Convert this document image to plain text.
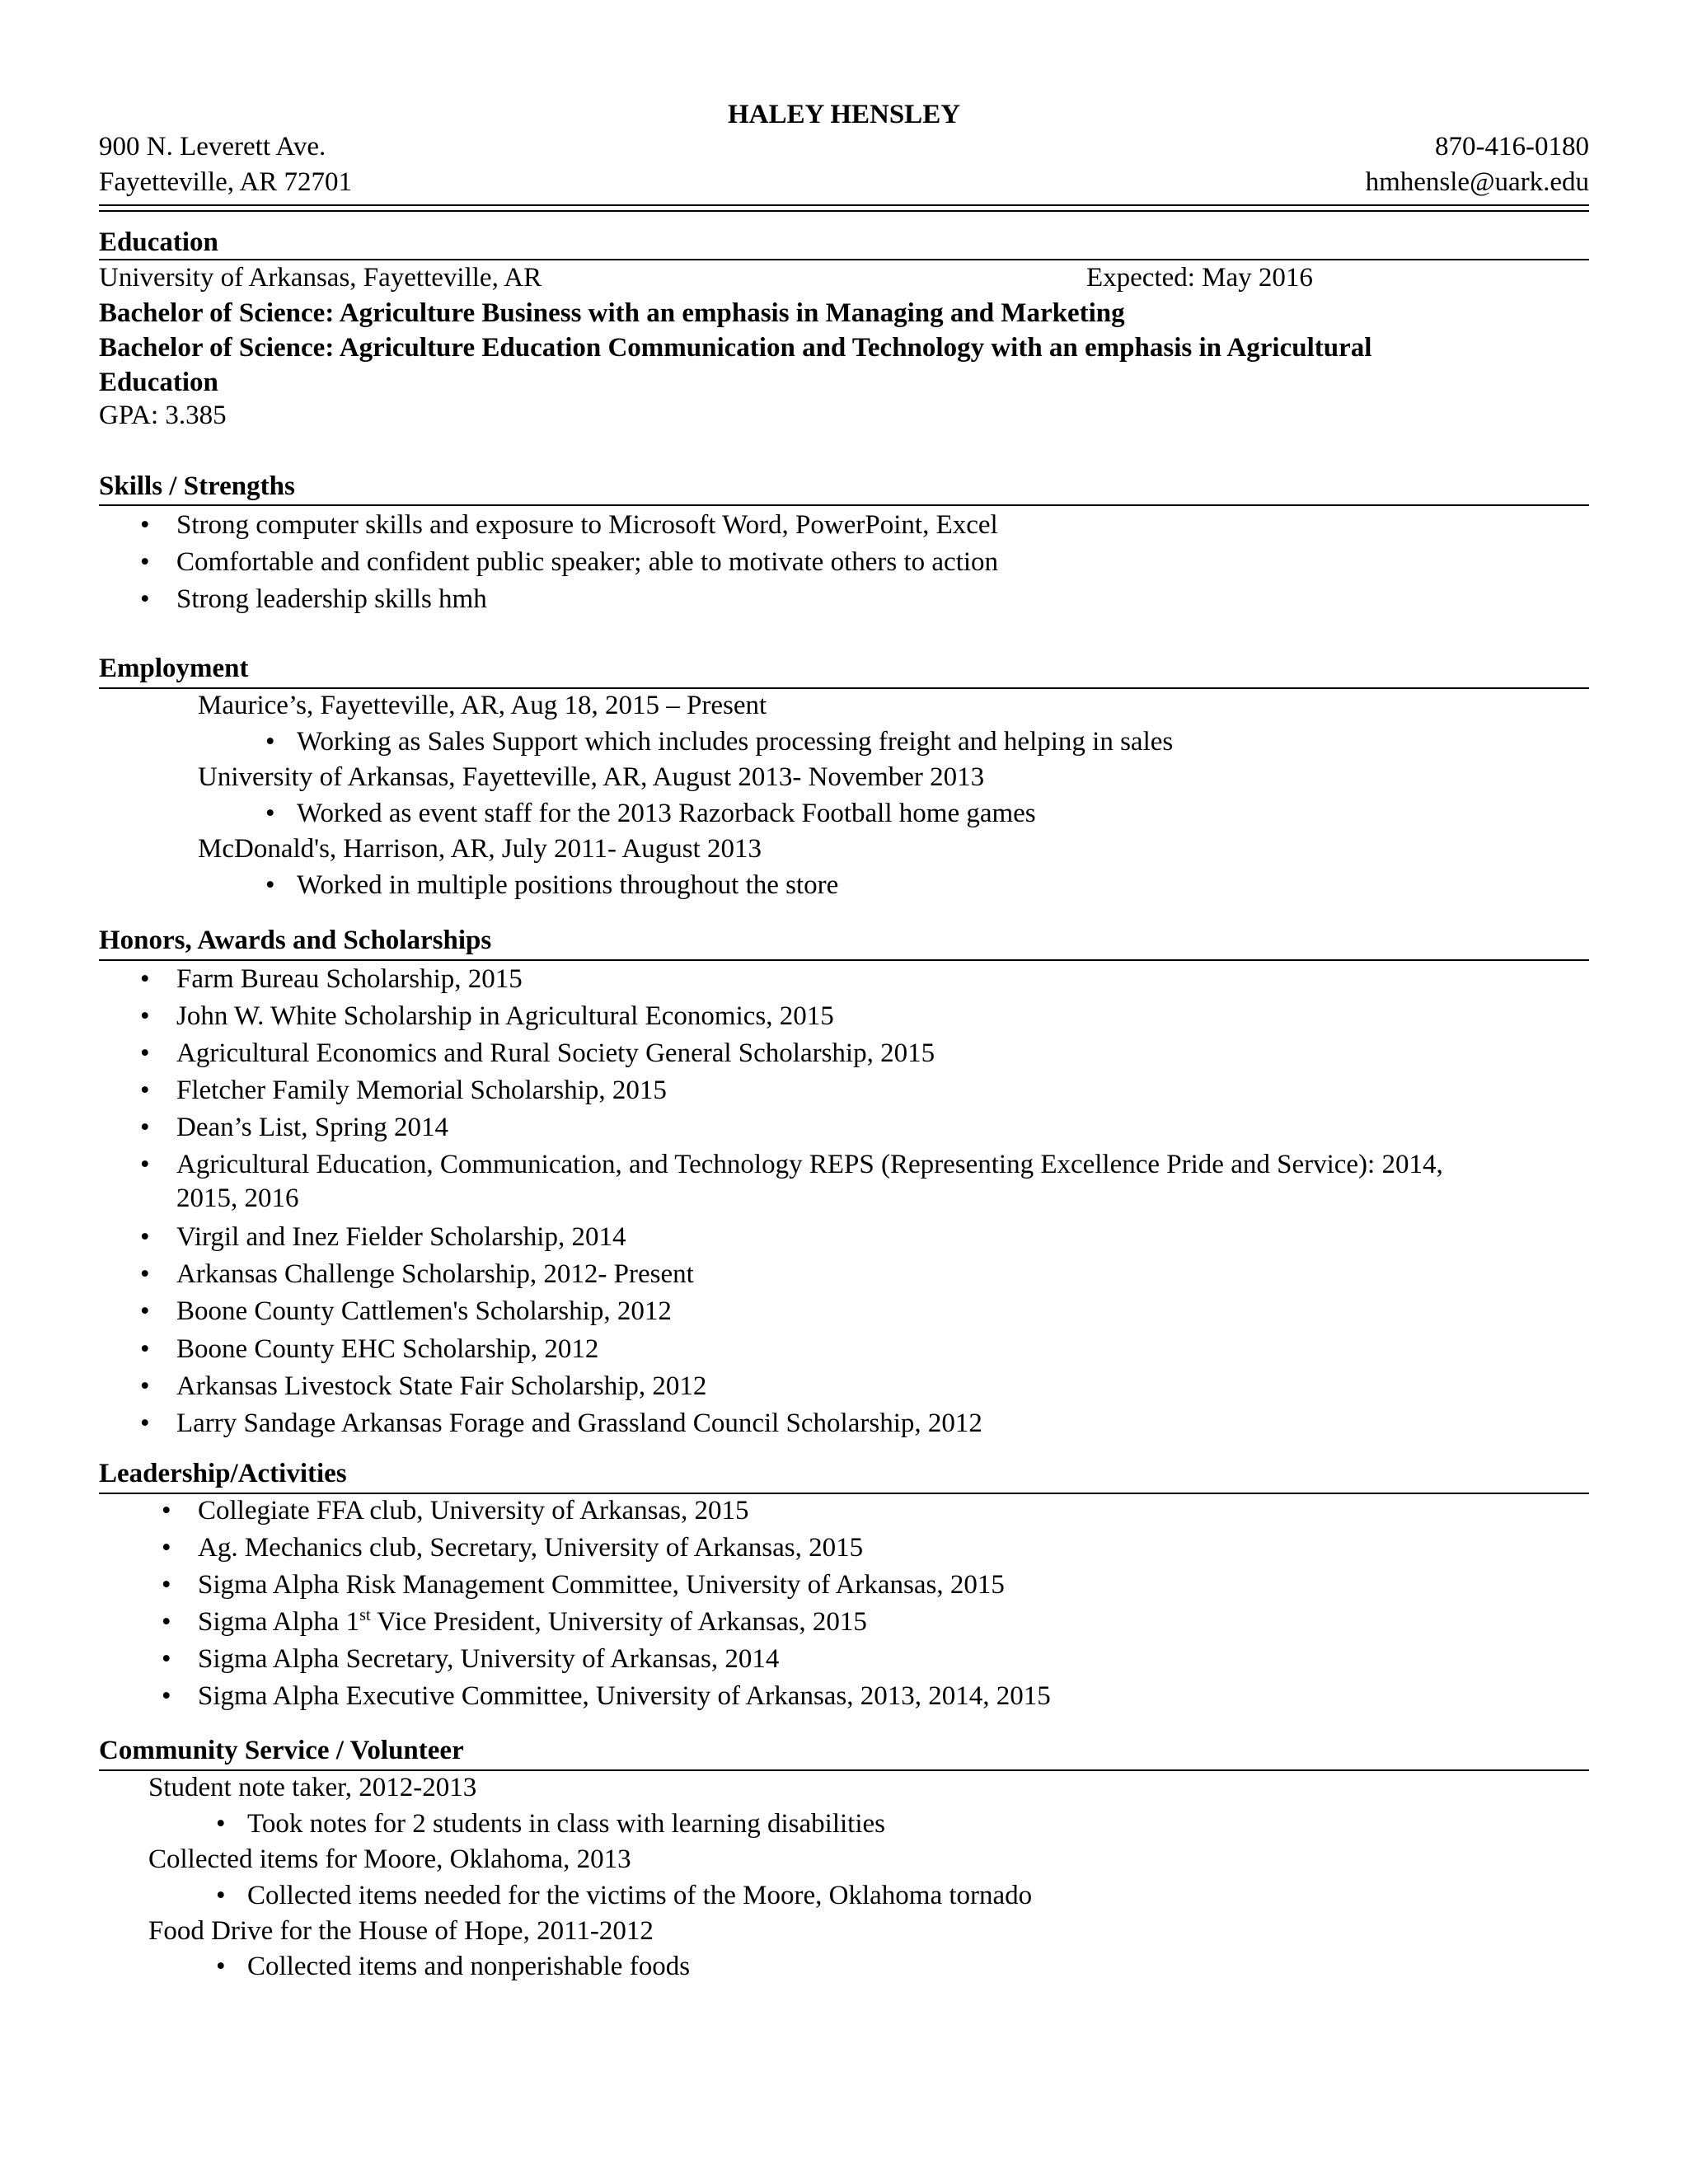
HALEY HENSLEY
900 N. Leverett Ave.	870-416-0180
Fayetteville, AR 72701	hmhensle@uark.edu
Education
University of Arkansas, Fayetteville, AR	Expected: May 2016
Bachelor of Science: Agriculture Business with an emphasis in Managing and Marketing
Bachelor of Science: Agriculture Education Communication and Technology with an emphasis in Agricultural
Education
GPA: 3.385
Skills / Strengths
•
Strong computer skills and exposure to Microsoft Word, PowerPoint, Excel
•
Comfortable and confident public speaker; able to motivate others to action
•
Strong leadership skills hmh
Employment
Maurice’s, Fayetteville, AR, Aug 18, 2015 – Present
•
Working as Sales Support which includes processing freight and helping in sales
University of Arkansas, Fayetteville, AR, August 2013- November 2013
•
Worked as event staff for the 2013 Razorback Football home games
McDonald's, Harrison, AR, July 2011- August 2013
•
Worked in multiple positions throughout the store
Honors, Awards and Scholarships
•
Farm Bureau Scholarship, 2015
•
John W. White Scholarship in Agricultural Economics, 2015
•
Agricultural Economics and Rural Society General Scholarship, 2015
•
Fletcher Family Memorial Scholarship, 2015
•
Dean’s List, Spring 2014
•
Agricultural Education, Communication, and Technology REPS (Representing Excellence Pride and Service): 2014,
2015, 2016
•
Virgil and Inez Fielder Scholarship, 2014
•
Arkansas Challenge Scholarship, 2012- Present
•
Boone County Cattlemen's Scholarship, 2012
•
Boone County EHC Scholarship, 2012
•
Arkansas Livestock State Fair Scholarship, 2012
•
Larry Sandage Arkansas Forage and Grassland Council Scholarship, 2012
Leadership/Activities
•
Collegiate FFA club, University of Arkansas, 2015
•
Ag. Mechanics club, Secretary, University of Arkansas, 2015
•
Sigma Alpha Risk Management Committee, University of Arkansas, 2015
•
Sigma Alpha 1st Vice President, University of Arkansas, 2015
•
Sigma Alpha Secretary, University of Arkansas, 2014
•
Sigma Alpha Executive Committee, University of Arkansas, 2013, 2014, 2015
Community Service / Volunteer
Student note taker, 2012-2013
•
Took notes for 2 students in class with learning disabilities
Collected items for Moore, Oklahoma, 2013
•
Collected items needed for the victims of the Moore, Oklahoma tornado
Food Drive for the House of Hope, 2011-2012
•
Collected items and nonperishable foods
